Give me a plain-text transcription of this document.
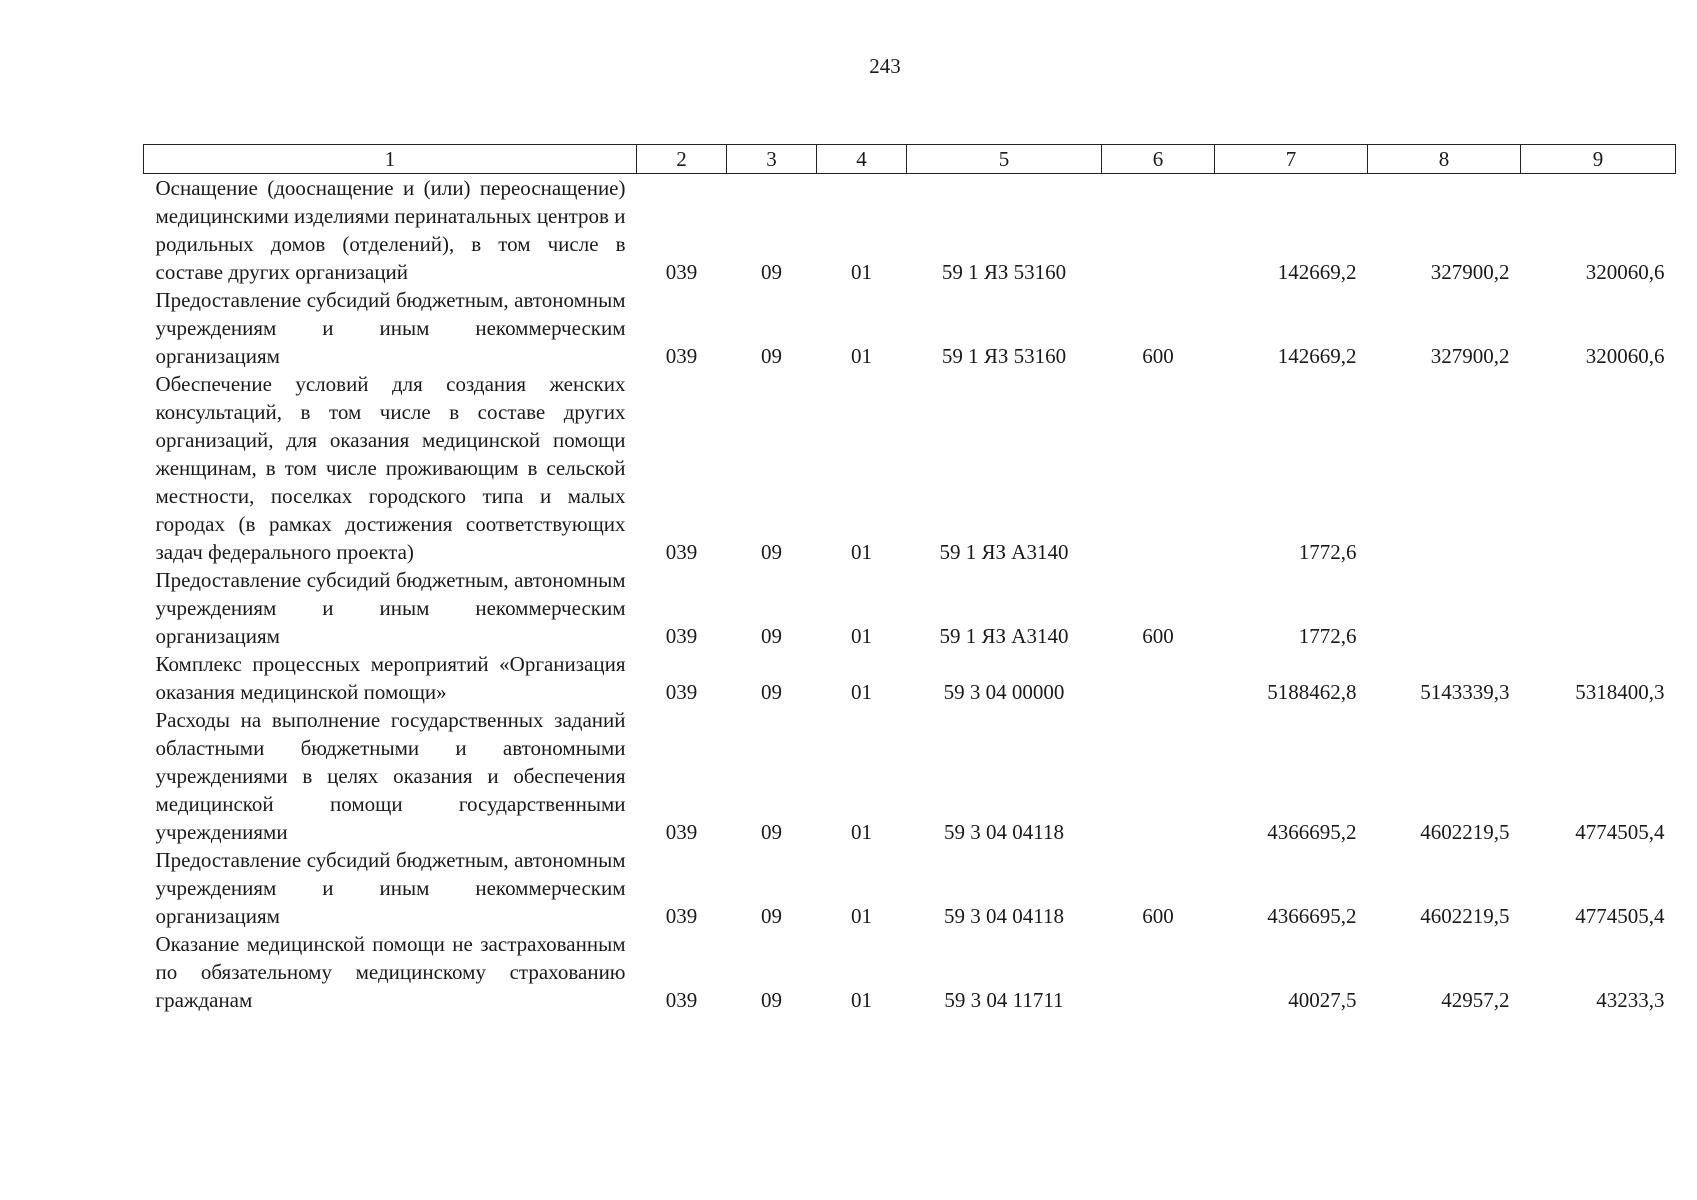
243
1	2	3	4	5	6	7	8	9
Оснащение (дооснащение и (или) переоснащение) медицинскими изделиями перинатальных центров и родильных домов (отделений), в том числе в составе других организаций	039	09	01	59 1 ЯЗ 53160		142669,2	327900,2	320060,6
Предоставление субсидий бюджетным, автономным учреждениям и иным некоммерческим организациям	039	09	01	59 1 ЯЗ 53160	600	142669,2	327900,2	320060,6
Обеспечение условий для создания женских консультаций, в том числе в составе других организаций, для оказания медицинской помощи женщинам, в том числе проживающим в сельской местности, поселках городского типа и малых городах (в рамках достижения соответствующих задач федерального проекта)	039	09	01	59 1 ЯЗ А3140		1772,6		
Предоставление субсидий бюджетным, автономным учреждениям и иным некоммерческим организациям	039	09	01	59 1 ЯЗ А3140	600	1772,6		
Комплекс процессных мероприятий «Организация оказания медицинской помощи»	039	09	01	59 3 04 00000		5188462,8	5143339,3	5318400,3
Расходы на выполнение государственных заданий областными бюджетными и автономными учреждениями в целях оказания и обеспечения медицинской помощи государственными учреждениями	039	09	01	59 3 04 04118		4366695,2	4602219,5	4774505,4
Предоставление субсидий бюджетным, автономным учреждениям и иным некоммерческим организациям	039	09	01	59 3 04 04118	600	4366695,2	4602219,5	4774505,4
Оказание медицинской помощи не застрахованным по обязательному медицинскому страхованию гражданам	039	09	01	59 3 04 11711		40027,5	42957,2	43233,3
